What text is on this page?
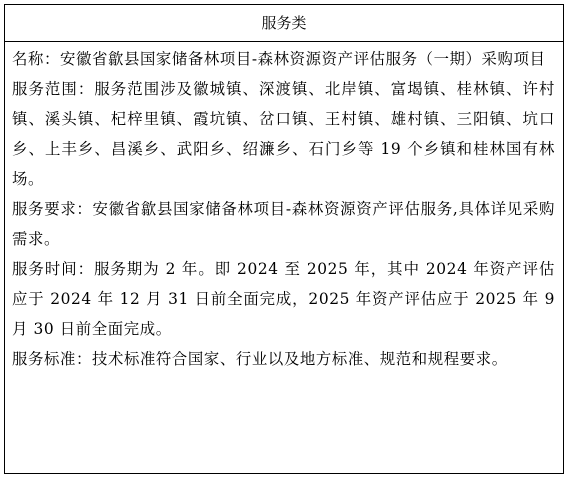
服务类

名称：安徽省歙县国家储备林项目-森林资源资产评估服务（一期）采购项目

服务范围：服务范围涉及徽城镇、深渡镇、北岸镇、富堨镇、桂林镇、许村镇、溪头镇、杞梓里镇、霞坑镇、岔口镇、王村镇、雄村镇、三阳镇、坑口乡、上丰乡、昌溪乡、武阳乡、绍濂乡、石门乡等 19 个乡镇和桂林国有林场。

服务要求：安徽省歙县国家储备林项目-森林资源资产评估服务,具体详见采购需求。

服务时间：服务期为 2 年。即 2024 至 2025 年，其中 2024 年资产评估应于 2024 年 12 月 31 日前全面完成，2025 年资产评估应于 2025 年 9 月 30 日前全面完成。

服务标准：技术标准符合国家、行业以及地方标准、规范和规程要求。
